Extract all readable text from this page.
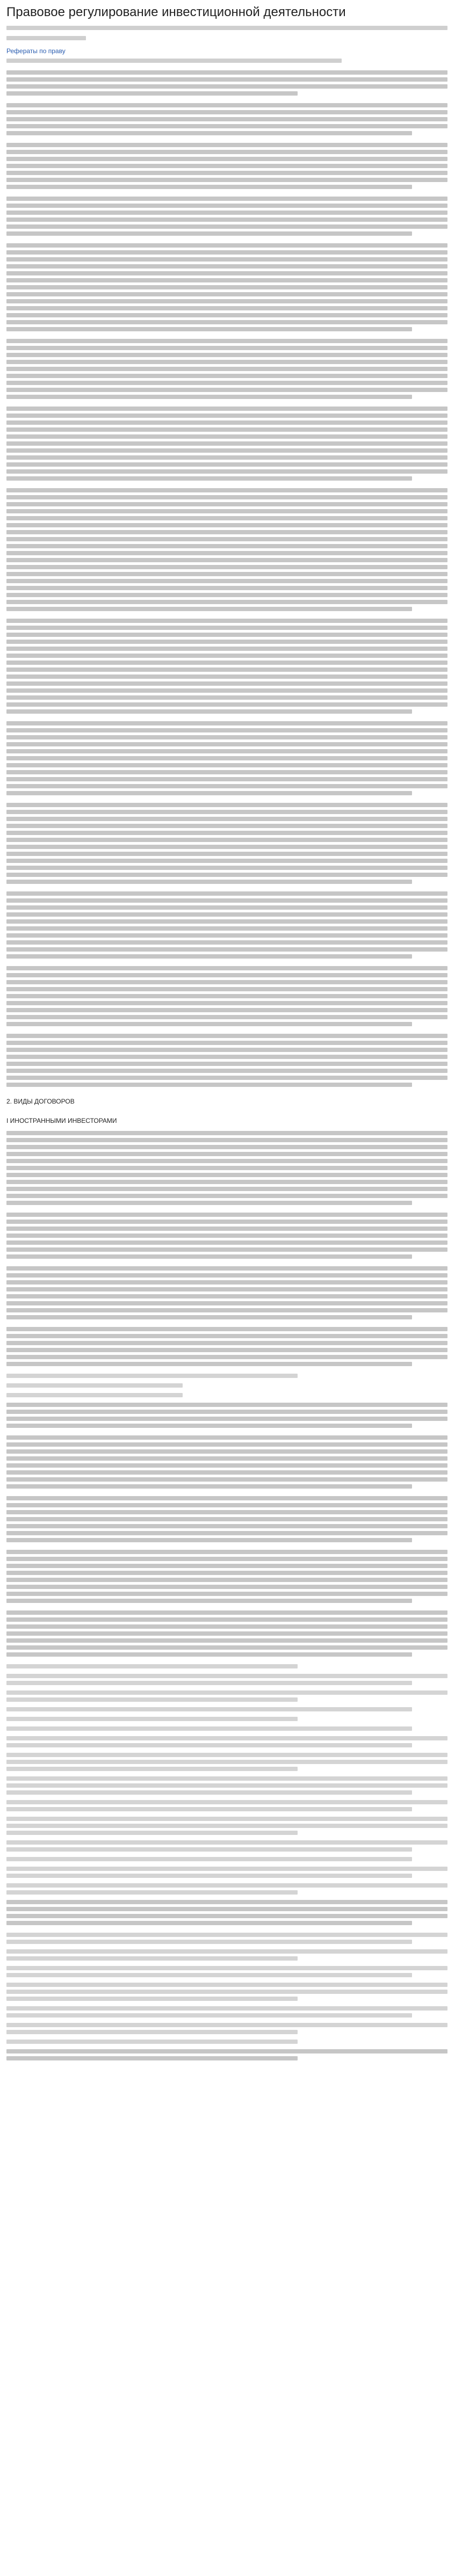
Правовое регулирование инвестиционной деятельности
Рефераты по праву
2. ВИДЫ ДОГОВОРОВ
I ИНОСТРАННЫМИ ИНВЕСТОРАМИ
